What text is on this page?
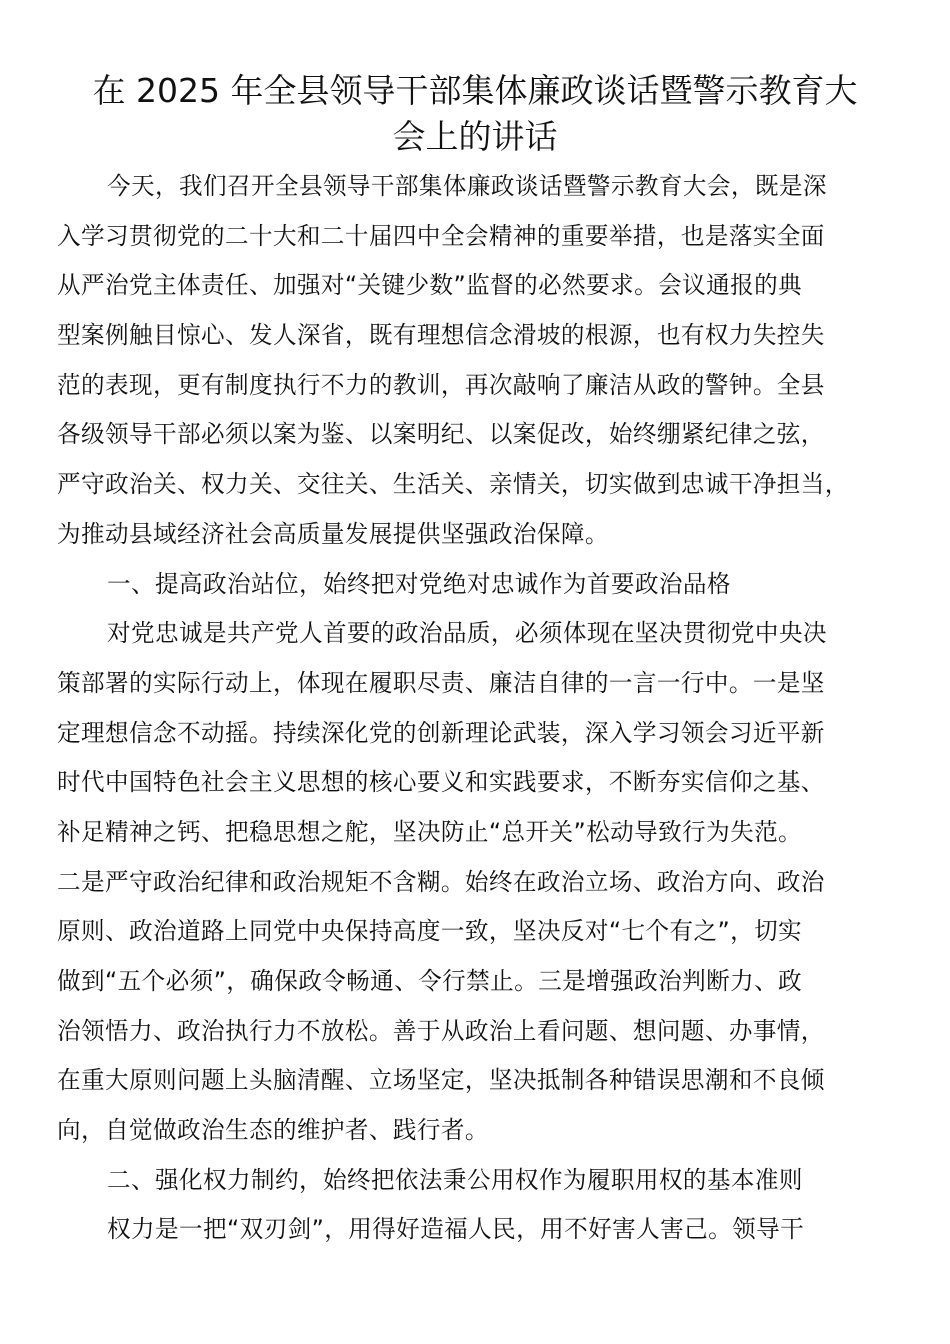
在 2025 年全县领导干部集体廉政谈话暨警示教育大
会上的讲话
今天，我们召开全县领导干部集体廉政谈话暨警示教育大会，既是深
入学习贯彻党的二十大和二十届四中全会精神的重要举措，也是落实全面
从严治党主体责任、加强对“关键少数”监督的必然要求。会议通报的典
型案例触目惊心、发人深省，既有理想信念滑坡的根源，也有权力失控失
范的表现，更有制度执行不力的教训，再次敲响了廉洁从政的警钟。全县
各级领导干部必须以案为鉴、以案明纪、以案促改，始终绷紧纪律之弦，
严守政治关、权力关、交往关、生活关、亲情关，切实做到忠诚干净担当，
为推动县域经济社会高质量发展提供坚强政治保障。
一、提高政治站位，始终把对党绝对忠诚作为首要政治品格
对党忠诚是共产党人首要的政治品质，必须体现在坚决贯彻党中央决
策部署的实际行动上，体现在履职尽责、廉洁自律的一言一行中。一是坚
定理想信念不动摇。持续深化党的创新理论武装，深入学习领会习近平新
时代中国特色社会主义思想的核心要义和实践要求，不断夯实信仰之基、
补足精神之钙、把稳思想之舵，坚决防止“总开关”松动导致行为失范。
二是严守政治纪律和政治规矩不含糊。始终在政治立场、政治方向、政治
原则、政治道路上同党中央保持高度一致，坚决反对“七个有之”，切实
做到“五个必须”，确保政令畅通、令行禁止。三是增强政治判断力、政
治领悟力、政治执行力不放松。善于从政治上看问题、想问题、办事情，
在重大原则问题上头脑清醒、立场坚定，坚决抵制各种错误思潮和不良倾
向，自觉做政治生态的维护者、践行者。
二、强化权力制约，始终把依法秉公用权作为履职用权的基本准则
权力是一把“双刃剑”，用得好造福人民，用不好害人害己。领导干
